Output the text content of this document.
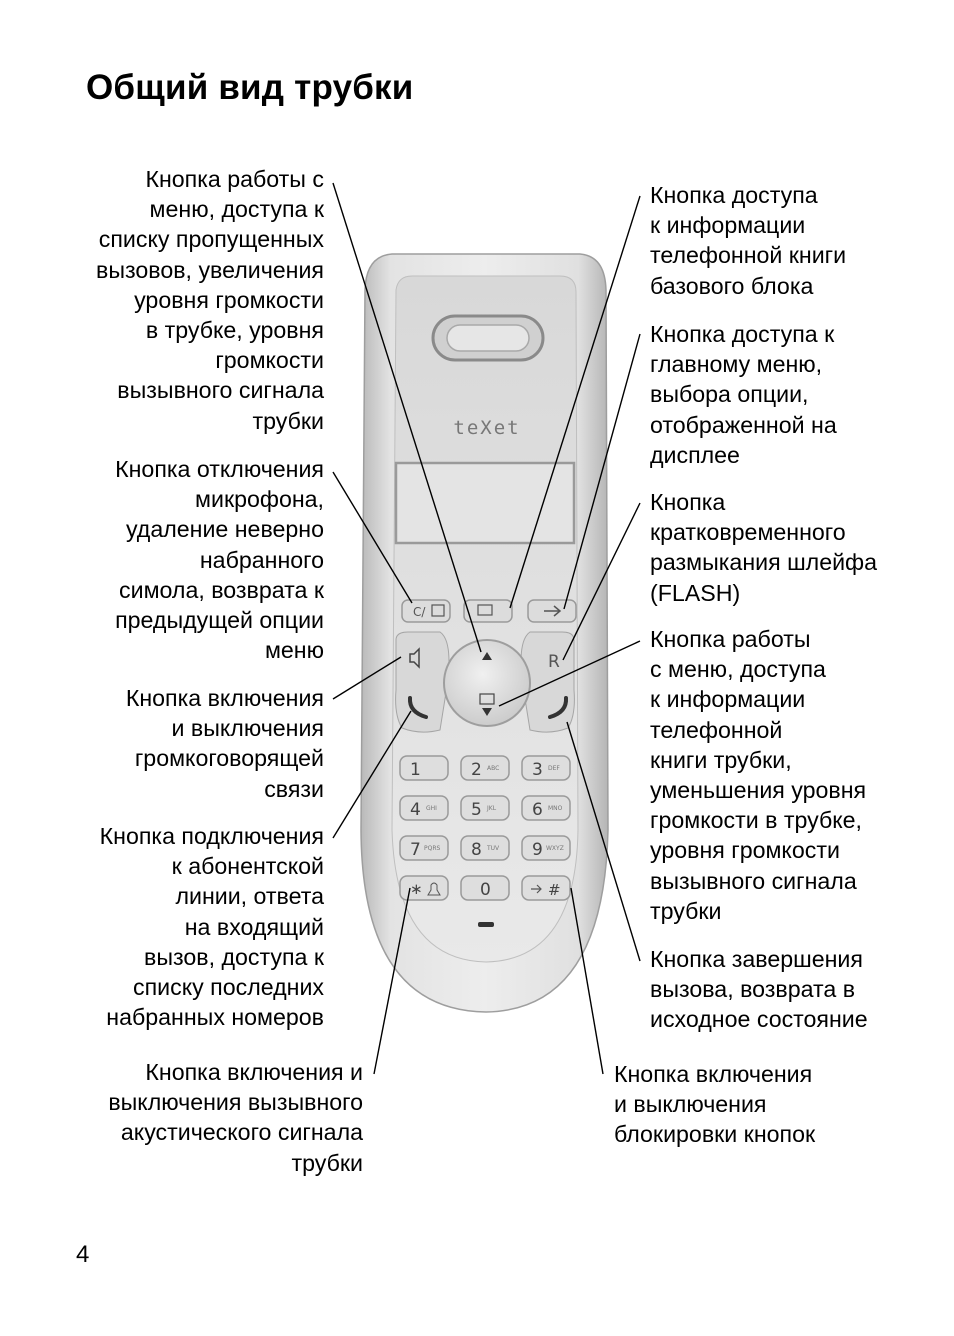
Общий вид трубки
Кнопка работы с
меню, доступа к
списку пропущенных
вызовов, увеличения
уровня громкости
в трубке, уровня
громкости
вызывного сигнала
трубки
Кнопка отключения
микрофона,
удаление неверно
набранного
симола, возврата к
предыдущей опции
меню
Кнопка включения
и выключения
громкоговорящей
связи
Кнопка подключения
к абонентской
линии, ответа
на входящий
вызов, доступа к
списку последних
набранных номеров
Кнопка включения и
выключения вызывного
акустического сигнала
трубки
Кнопка доступа
к информации
телефонной книги
базового блока
Кнопка доступа к
главному меню,
выбора опции,
отображенной на
дисплее
Кнопка
кратковременного
размыкания шлейфа
(FLASH)
Кнопка работы
с меню, доступа
к информации
телефонной
книги трубки,
уменьшения уровня
громкости в трубке,
уровня громкости
вызывного сигнала
трубки
Кнопка завершения
вызова, возврата в
исходное состояние
Кнопка включения
и выключения
блокировки кнопок
4
teXet
C/
R
1	2 ABC 3 DEF
4 GHI 5 JKL 6 MNO
7 PQRS 8 TUV 9 WXYZ
∗	0	#
